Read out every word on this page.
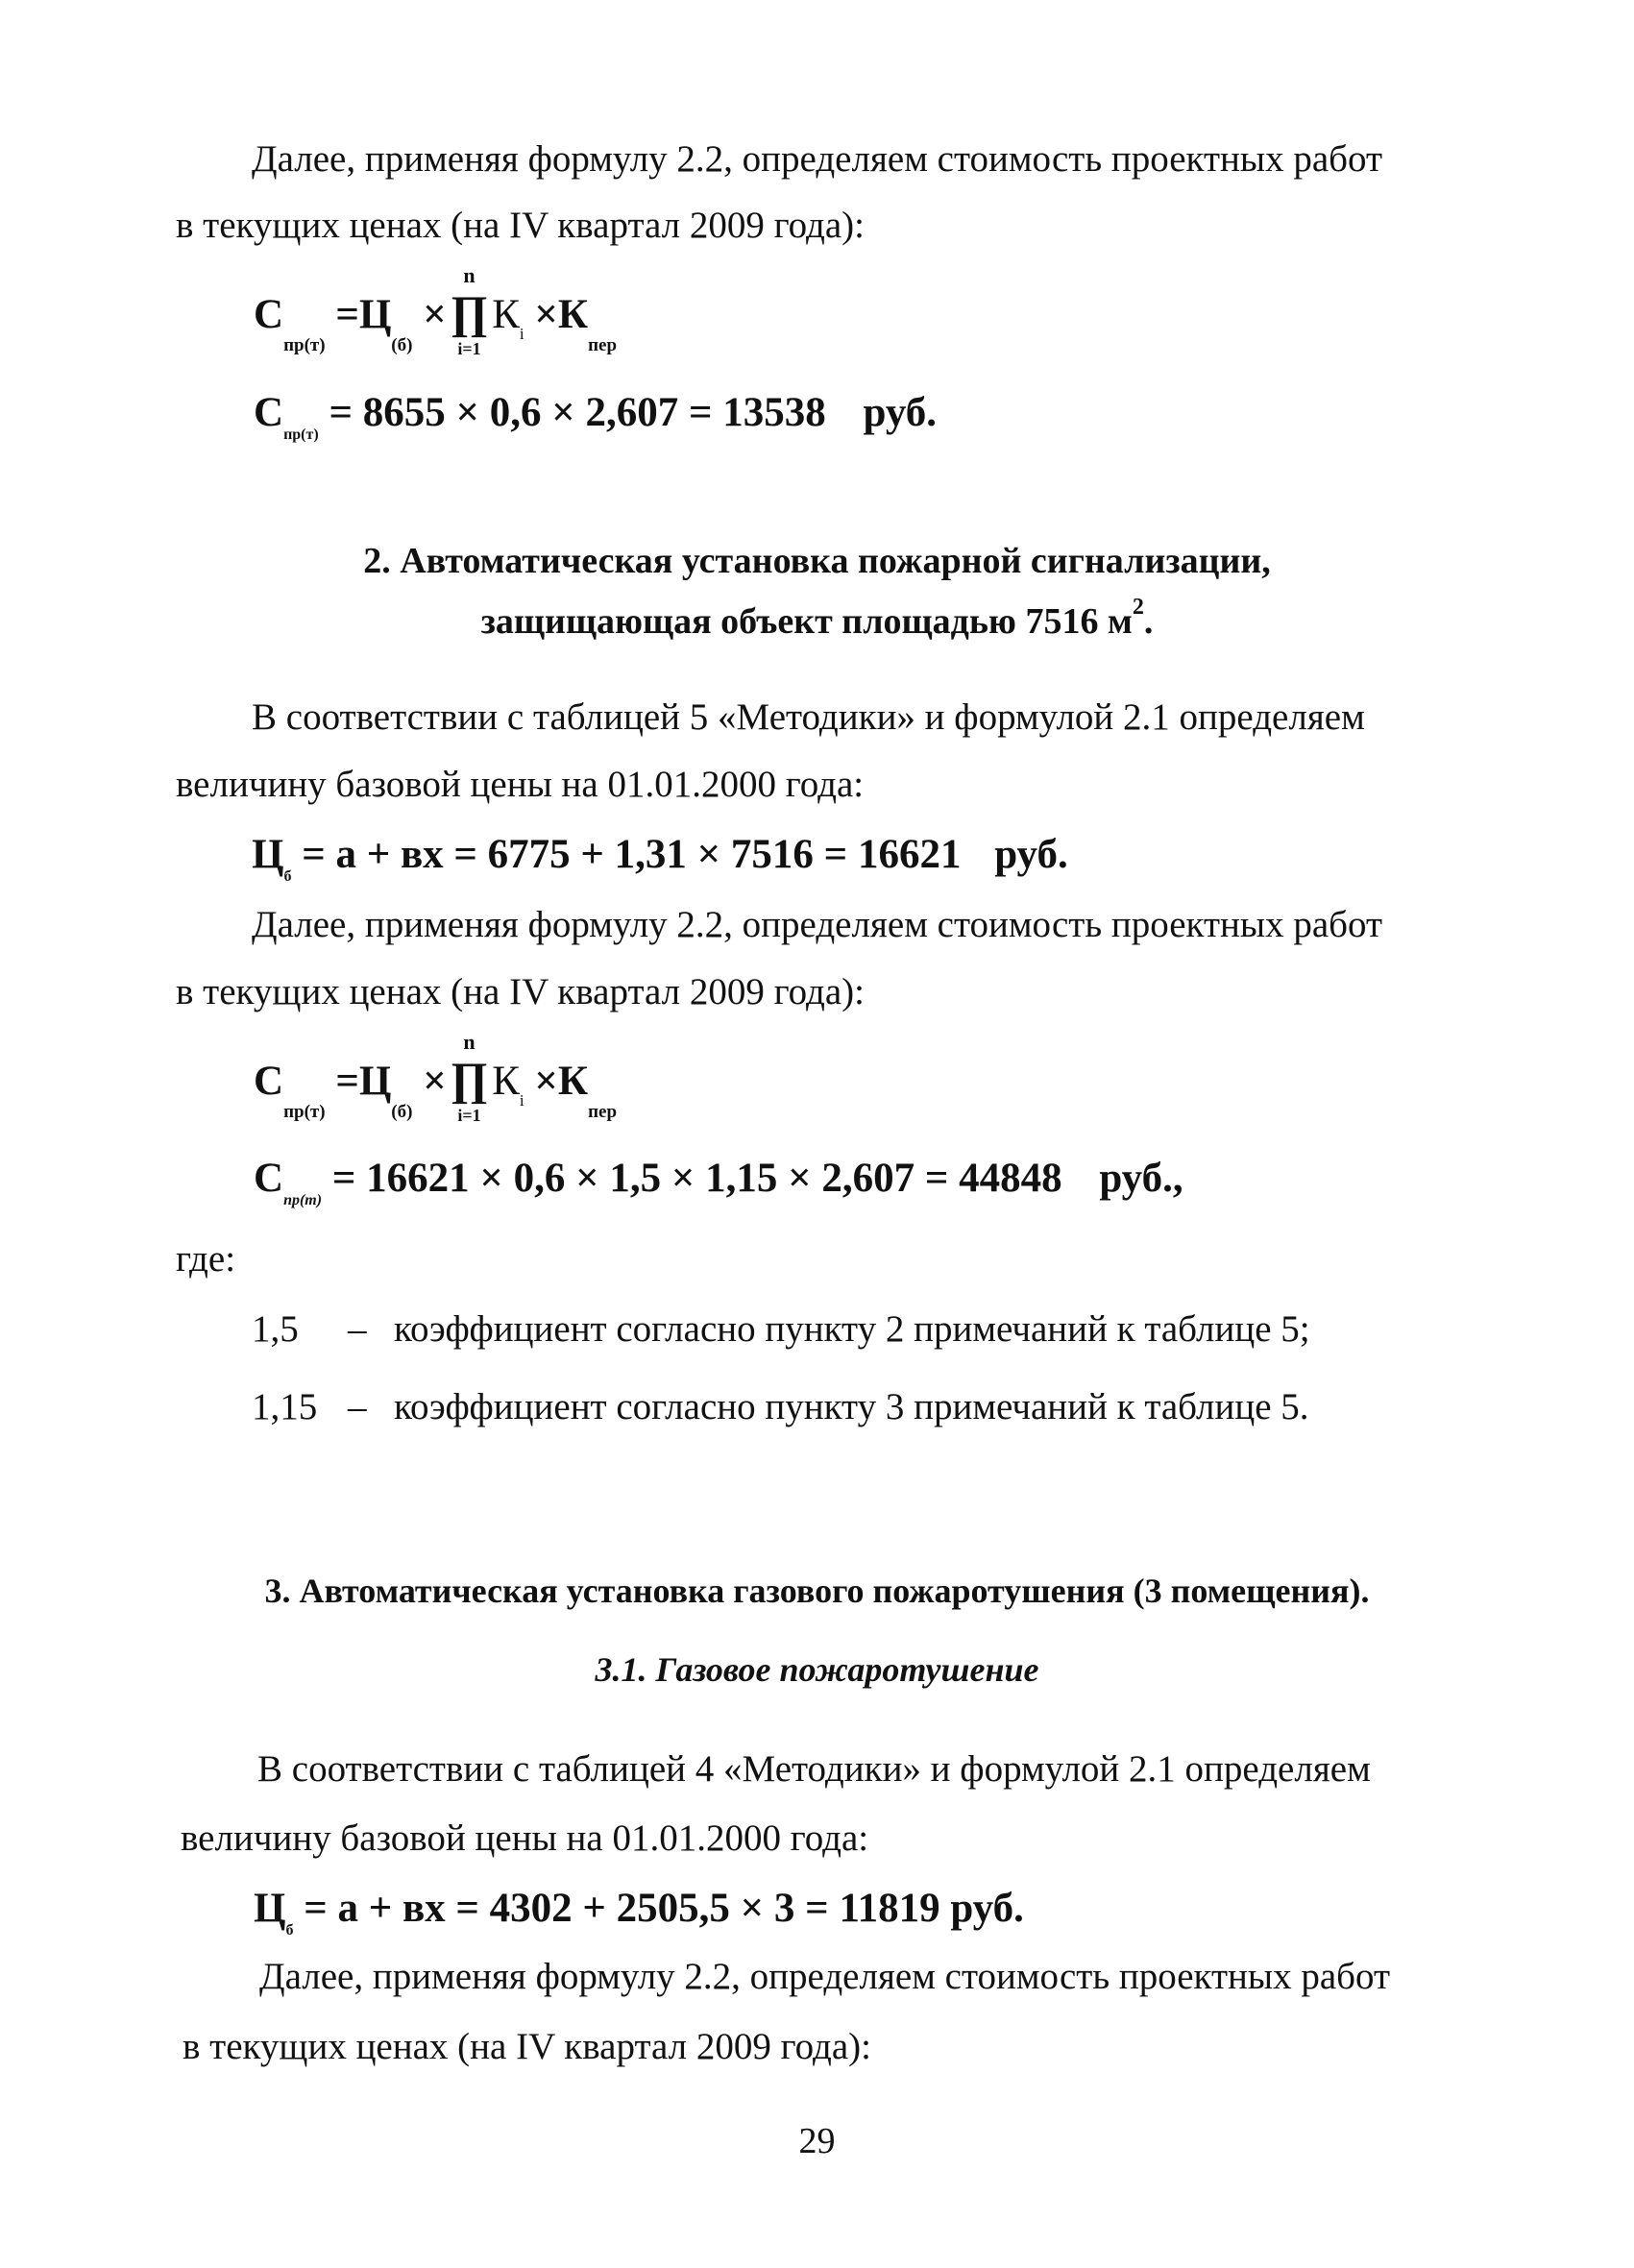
Далее, применяя формулу 2.2, определяем стоимость проектных работ
в текущих ценах (на IV квартал 2009 года):
$С_{пр(т)} =Ц_{(б)}$ ×
n
∏
i=1
$К_i \times К_{пер}$
$С_{пр(т)} = 8655 \times 0,6 \times 2,607 = 13538$ руб.
2. Автоматическая установка пожарной сигнализации,
защищающая объект площадью 7516 $м^2$.
В соответствии с таблицей 5 «Методики» и формулой 2.1 определяем
величину базовой цены на 01.01.2000 года:
$Ц_б = а$ + вх = 6775 + 1,31 × 7516 = 16621 руб.
Далее, применяя формулу 2.2, определяем стоимость проектных работ
в текущих ценах (на IV квартал 2009 года):
$С_{пр(т)} =Ц_{(б)}$ ×
n
∏
i=1
$К_i \times К_{пер}$
$С_{пр(т)} = 16621 \times 0,6 \times 1,5 \times 1,15 \times 2,607 = 44848$ руб.,
где:
1,5 – коэффициент согласно пункту 2 примечаний к таблице 5;
1,15 – коэффициент согласно пункту 3 примечаний к таблице 5.
3. Автоматическая установка газового пожаротушения (3 помещения).
3.1. Газовое пожаротушение
В соответствии с таблицей 4 «Методики» и формулой 2.1 определяем
величину базовой цены на 01.01.2000 года:
$Ц_б = а$ + вх = 4302 + 2505,5 × 3 = 11819 руб.
Далее, применяя формулу 2.2, определяем стоимость проектных работ
в текущих ценах (на IV квартал 2009 года):
29
